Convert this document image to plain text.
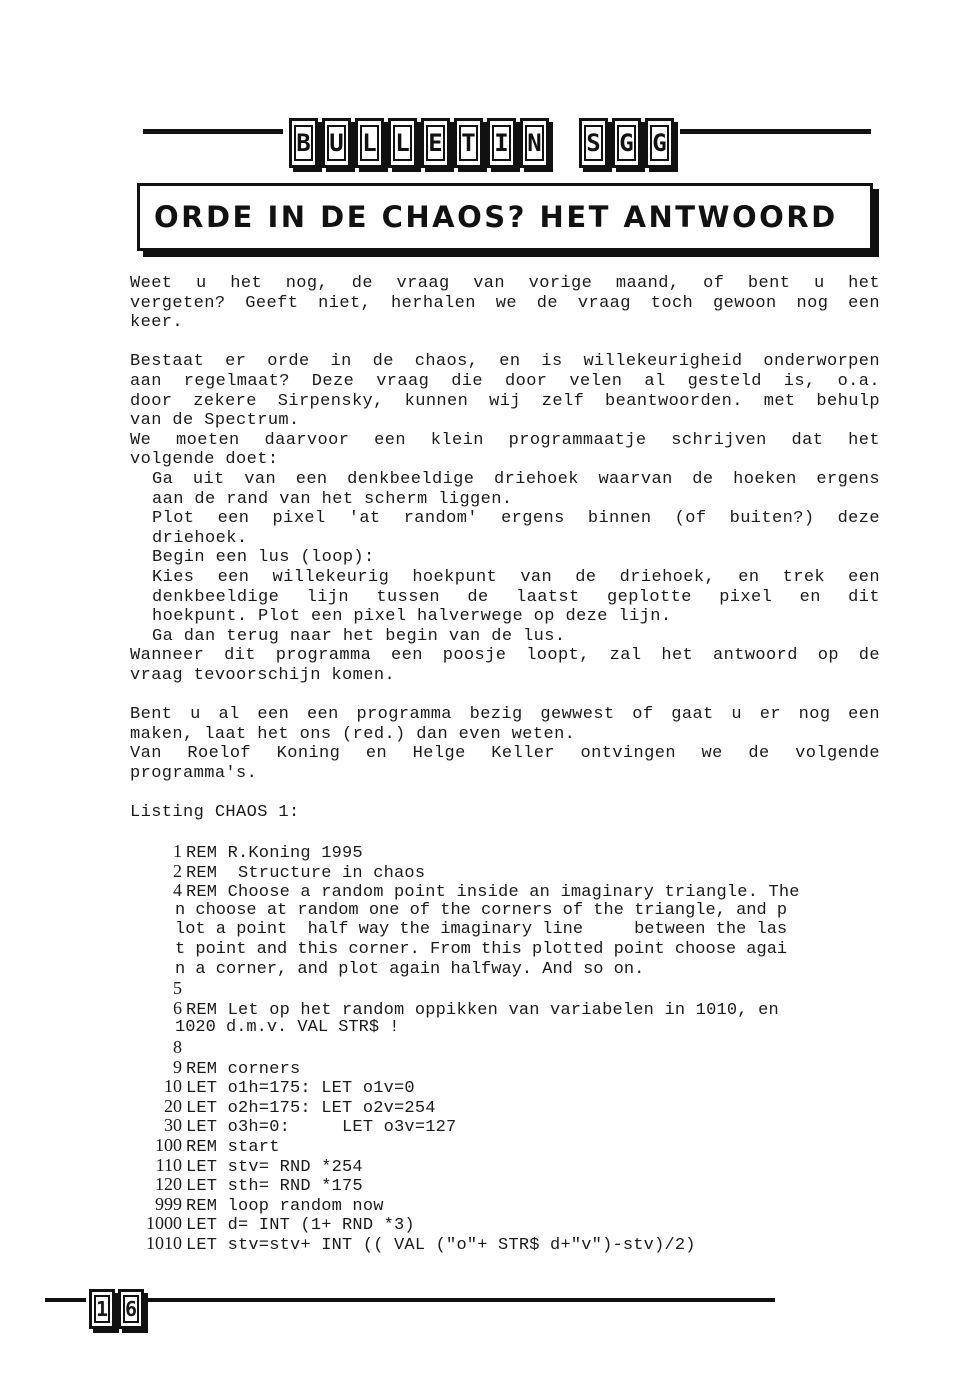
B U L L E T I N S G G
ORDE IN DE CHAOS? HET ANTWOORD
Weet u het nog, de vraag van vorige maand, of bent u het
vergeten? Geeft niet, herhalen we de vraag toch gewoon nog een
keer.
Bestaat er orde in de chaos, en is willekeurigheid onderworpen
aan regelmaat? Deze vraag die door velen al gesteld is, o.a.
door zekere Sirpensky, kunnen wij zelf beantwoorden. met behulp
van de Spectrum.
We moeten daarvoor een klein programmaatje schrijven dat het
volgende doet:
Ga uit van een denkbeeldige driehoek waarvan de hoeken ergens
aan de rand van het scherm liggen.
Plot een pixel 'at random' ergens binnen (of buiten?) deze
driehoek.
Begin een lus (loop):
Kies een willekeurig hoekpunt van de driehoek, en trek een
denkbeeldige lijn tussen de laatst geplotte pixel en dit
hoekpunt. Plot een pixel halverwege op deze lijn.
Ga dan terug naar het begin van de lus.
Wanneer dit programma een poosje loopt, zal het antwoord op de
vraag tevoorschijn komen.
Bent u al een een programma bezig gewwest of gaat u er nog een
maken, laat het ons (red.) dan even weten.
Van Roelof Koning en Helge Keller ontvingen we de volgende
programma's.
Listing CHAOS 1:
1 REM R.Koning 1995
2 REM  Structure in chaos
4 REM Choose a random point inside an imaginary triangle. The
n choose at random one of the corners of the triangle, and p
lot a point  half way the imaginary line     between the las
t point and this corner. From this plotted point choose agai
n a corner, and plot again halfway. And so on.
5
6 REM Let op het random oppikken van variabelen in 1010, en
1020 d.m.v. VAL STR$ !
8
9 REM corners
10 LET o1h=175: LET o1v=0
20 LET o2h=175: LET o2v=254
30 LET o3h=0:     LET o3v=127
100 REM start
110 LET stv= RND *254
120 LET sth= RND *175
999 REM loop random now
1000 LET d= INT (1+ RND *3)
1010 LET stv=stv+ INT (( VAL ("o"+ STR$ d+"v")-stv)/2)
1 6
